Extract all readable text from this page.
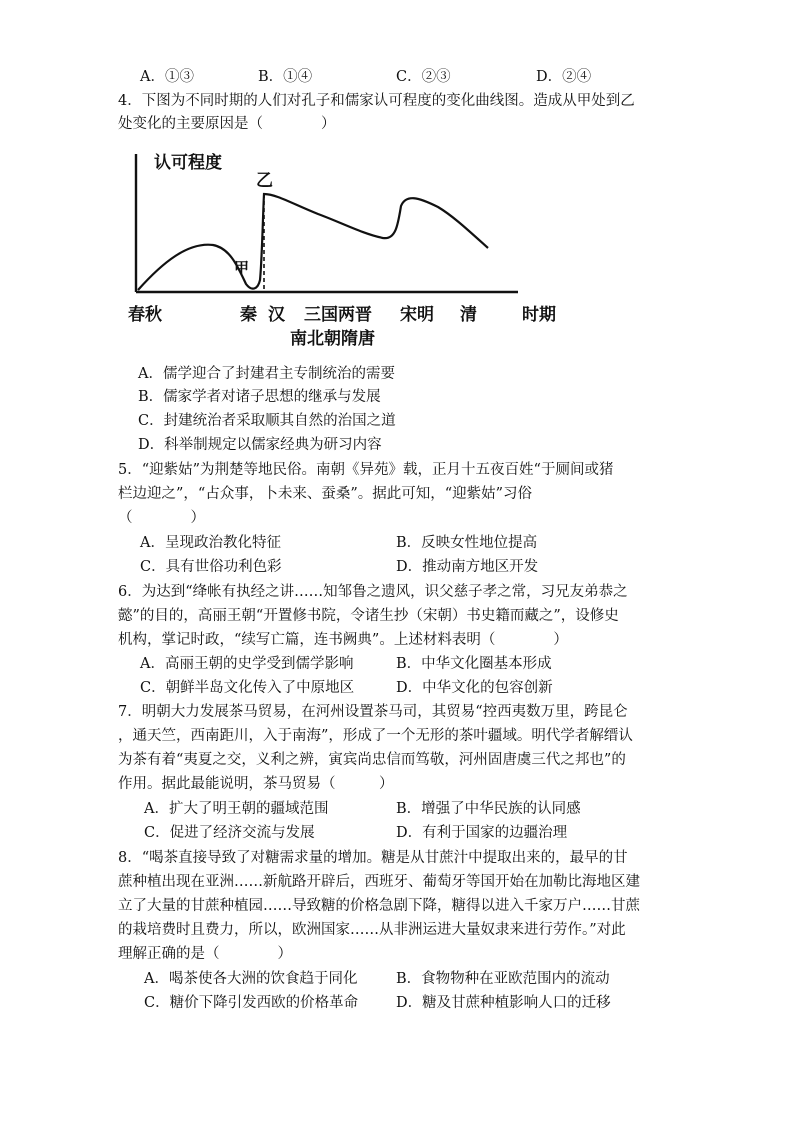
A．①③	B．①④	C．②③	D．②④
4．下图为不同时期的人们对孔子和儒家认可程度的变化曲线图。造成从甲处到乙
处变化的主要原因是（　　　　）
认可程度
甲
乙
春秋	秦 汉 三国两晋
南北朝隋唐
宋明 清	时期
A．儒学迎合了封建君主专制统治的需要
B．儒家学者对诸子思想的继承与发展
C．封建统治者采取顺其自然的治国之道
D．科举制规定以儒家经典为研习内容
5．“迎紫姑”为荆楚等地民俗。南朝《异苑》载，正月十五夜百姓“于厕间或猪
栏边迎之”，“占众事，卜未来、蚕桑”。据此可知，“迎紫姑”习俗
（　　　　）
A．呈现政治教化特征	B．反映女性地位提高
C．具有世俗功利色彩	D．推动南方地区开发
6．为达到“绛帐有执经之讲……知邹鲁之遗风，识父慈子孝之常，习兄友弟恭之
懿”的目的，高丽王朝“开置修书院，令诸生抄（宋朝）书史籍而藏之”，设修史
机构，掌记时政，“续写亡篇，连书阙典”。上述材料表明（　　　　）
A．高丽王朝的史学受到儒学影响	B．中华文化圈基本形成
C．朝鲜半岛文化传入了中原地区	D．中华文化的包容创新
7．明朝大力发展茶马贸易，在河州设置茶马司，其贸易“控西夷数万里，跨昆仑
，通天竺，西南距川，入于南海”，形成了一个无形的茶叶疆域。明代学者解缙认
为茶有着“夷夏之交，义利之辨，寅宾尚忠信而笃敬，河州固唐虞三代之邦也”的
作用。据此最能说明，茶马贸易（　　　）
A．扩大了明王朝的疆域范围	B．增强了中华民族的认同感
C．促进了经济交流与发展	D．有利于国家的边疆治理
8．“喝茶直接导致了对糖需求量的增加。糖是从甘蔗汁中提取出来的，最早的甘
蔗种植出现在亚洲……新航路开辟后，西班牙、葡萄牙等国开始在加勒比海地区建
立了大量的甘蔗种植园……导致糖的价格急剧下降，糖得以进入千家万户……甘蔗
的栽培费时且费力，所以，欧洲国家……从非洲运进大量奴隶来进行劳作。”对此
理解正确的是（　　　　）
A．喝茶使各大洲的饮食趋于同化	B．食物物种在亚欧范围内的流动
C．糖价下降引发西欧的价格革命	D．糖及甘蔗种植影响人口的迁移
